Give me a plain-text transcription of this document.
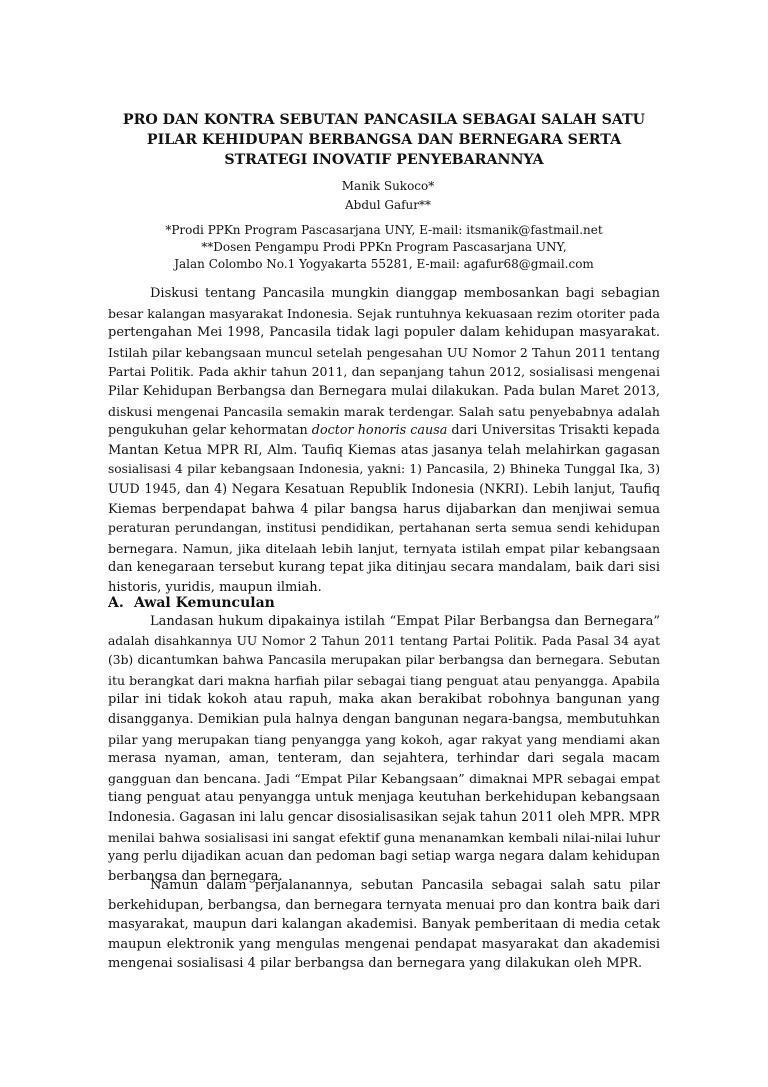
PRO DAN KONTRA SEBUTAN PANCASILA SEBAGAI SALAH SATU
PILAR KEHIDUPAN BERBANGSA DAN BERNEGARA SERTA
STRATEGI INOVATIF PENYEBARANNYA
Manik Sukoco*
Abdul Gafur**
*Prodi PPKn Program Pascasarjana UNY, E-mail: itsmanik@fastmail.net
**Dosen Pengampu Prodi PPKn Program Pascasarjana UNY,
Jalan Colombo No.1 Yogyakarta 55281, E-mail: agafur68@gmail.com
Diskusi tentang Pancasila mungkin dianggap membosankan bagi sebagian
besar kalangan masyarakat Indonesia. Sejak runtuhnya kekuasaan rezim otoriter pada
pertengahan Mei 1998, Pancasila tidak lagi populer dalam kehidupan masyarakat.
Istilah pilar kebangsaan muncul setelah pengesahan UU Nomor 2 Tahun 2011 tentang
Partai Politik. Pada akhir tahun 2011, dan sepanjang tahun 2012, sosialisasi mengenai
Pilar Kehidupan Berbangsa dan Bernegara mulai dilakukan. Pada bulan Maret 2013,
diskusi mengenai Pancasila semakin marak terdengar. Salah satu penyebabnya adalah
pengukuhan gelar kehormatan doctor honoris causa dari Universitas Trisakti kepada
Mantan Ketua MPR RI, Alm. Taufiq Kiemas atas jasanya telah melahirkan gagasan
sosialisasi 4 pilar kebangsaan Indonesia, yakni: 1) Pancasila, 2) Bhineka Tunggal Ika, 3)
UUD 1945, dan 4) Negara Kesatuan Republik Indonesia (NKRI). Lebih lanjut, Taufiq
Kiemas berpendapat bahwa 4 pilar bangsa harus dijabarkan dan menjiwai semua
peraturan perundangan, institusi pendidikan, pertahanan serta semua sendi kehidupan
bernegara. Namun, jika ditelaah lebih lanjut, ternyata istilah empat pilar kebangsaan
dan kenegaraan tersebut kurang tepat jika ditinjau secara mandalam, baik dari sisi
historis, yuridis, maupun ilmiah.
A. Awal Kemunculan
Landasan hukum dipakainya istilah “Empat Pilar Berbangsa dan Bernegara”
adalah disahkannya UU Nomor 2 Tahun 2011 tentang Partai Politik. Pada Pasal 34 ayat
(3b) dicantumkan bahwa Pancasila merupakan pilar berbangsa dan bernegara. Sebutan
itu berangkat dari makna harfiah pilar sebagai tiang penguat atau penyangga. Apabila
pilar ini tidak kokoh atau rapuh, maka akan berakibat robohnya bangunan yang
disangganya. Demikian pula halnya dengan bangunan negara-bangsa, membutuhkan
pilar yang merupakan tiang penyangga yang kokoh, agar rakyat yang mendiami akan
merasa nyaman, aman, tenteram, dan sejahtera, terhindar dari segala macam
gangguan dan bencana. Jadi “Empat Pilar Kebangsaan” dimaknai MPR sebagai empat
tiang penguat atau penyangga untuk menjaga keutuhan berkehidupan kebangsaan
Indonesia. Gagasan ini lalu gencar disosialisasikan sejak tahun 2011 oleh MPR. MPR
menilai bahwa sosialisasi ini sangat efektif guna menanamkan kembali nilai-nilai luhur
yang perlu dijadikan acuan dan pedoman bagi setiap warga negara dalam kehidupan
berbangsa dan bernegara.
Namun dalam perjalanannya, sebutan Pancasila sebagai salah satu pilar
berkehidupan, berbangsa, dan bernegara ternyata menuai pro dan kontra baik dari
masyarakat, maupun dari kalangan akademisi. Banyak pemberitaan di media cetak
maupun elektronik yang mengulas mengenai pendapat masyarakat dan akademisi
mengenai sosialisasi 4 pilar berbangsa dan bernegara yang dilakukan oleh MPR.
